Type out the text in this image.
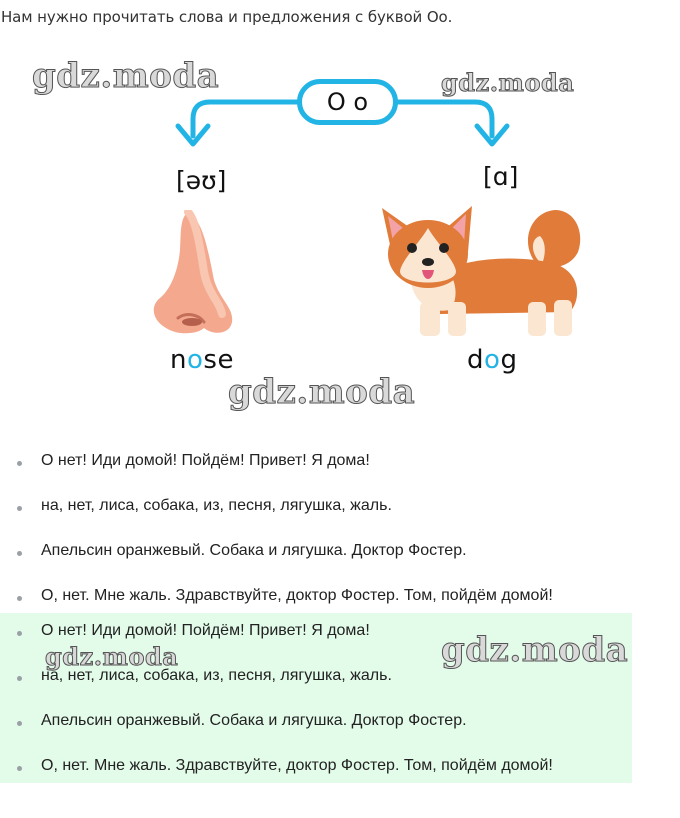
Нам нужно прочитать слова и предложения с буквой Оо.
O o
[əʊ]	[ɑ]
nose	dog
О нет! Иди домой! Пойдём! Привет! Я дома!
на, нет, лиса, собака, из, песня, лягушка, жаль.
Апельсин оранжевый. Собака и лягушка. Доктор Фостер.
О, нет. Мне жаль. Здравствуйте, доктор Фостер. Том, пойдём домой!
О нет! Иди домой! Пойдём! Привет! Я дома!
на, нет, лиса, собака, из, песня, лягушка, жаль.
Апельсин оранжевый. Собака и лягушка. Доктор Фостер.
О, нет. Мне жаль. Здравствуйте, доктор Фостер. Том, пойдём домой!
gdz.moda	gdz.moda
gdz.moda
gdz.moda	gdz.moda
